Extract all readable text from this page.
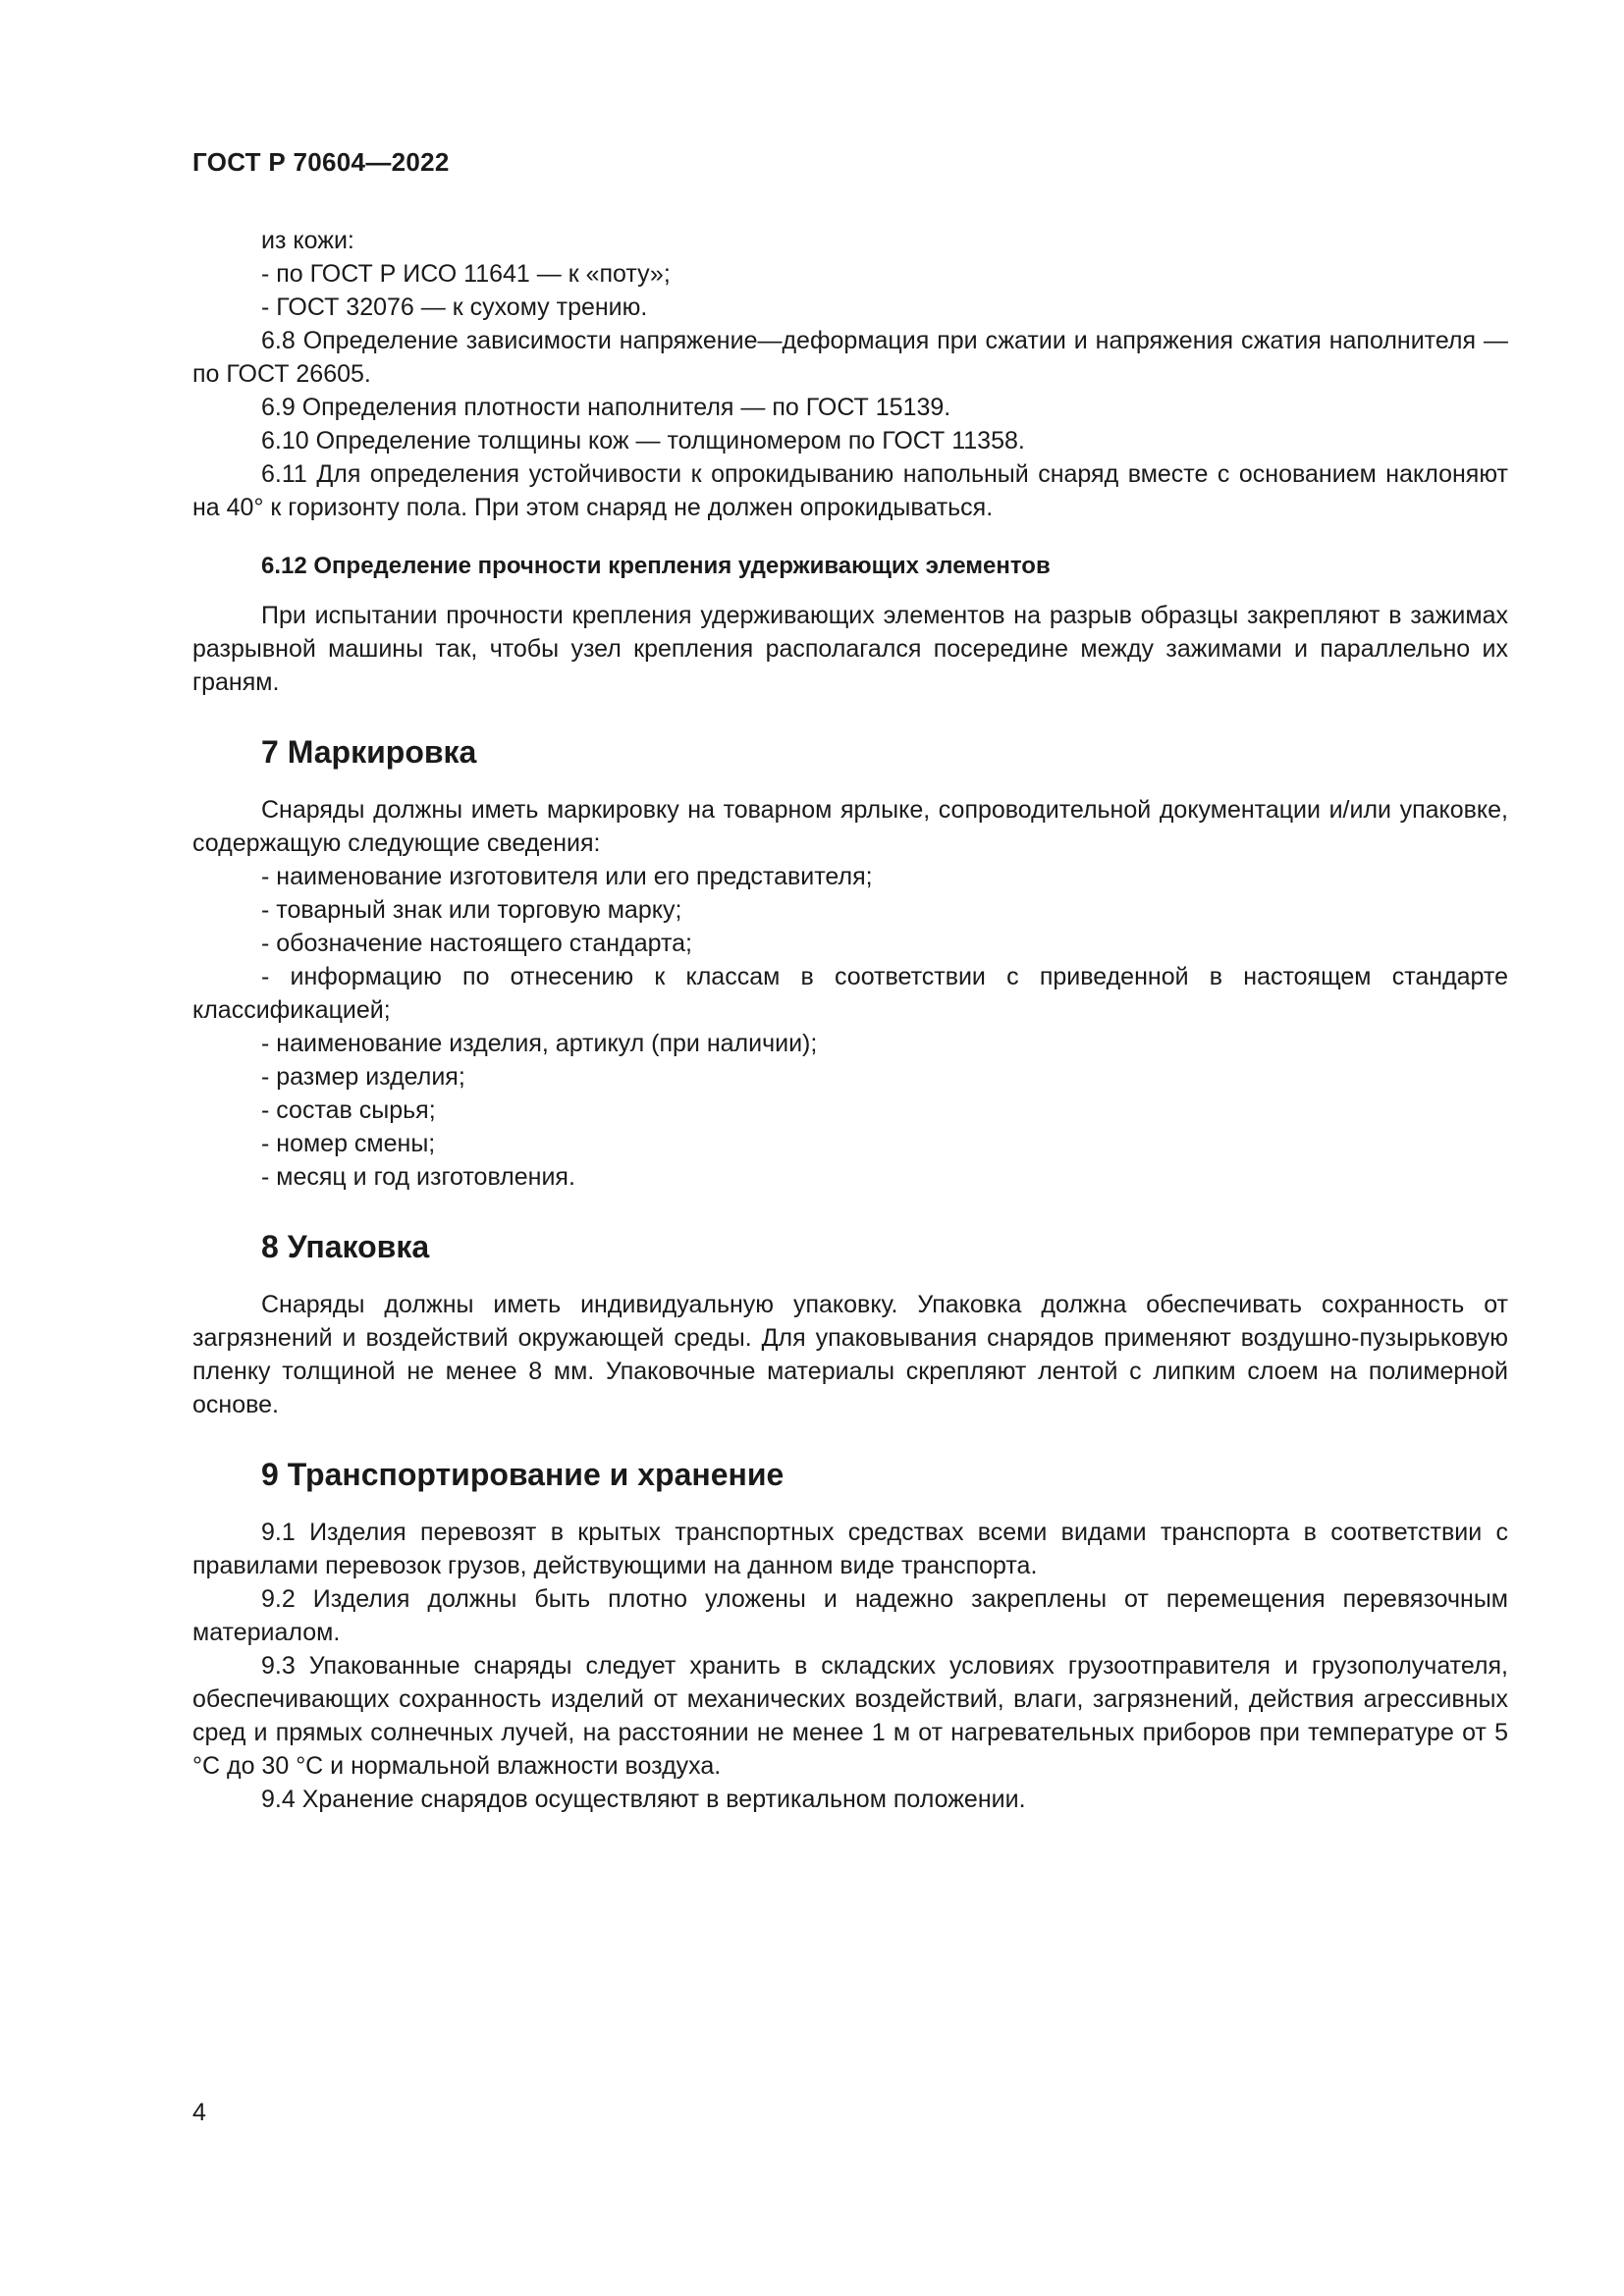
ГОСТ Р 70604—2022

из кожи:

- по ГОСТ Р ИСО 11641 — к «поту»;

- ГОСТ 32076 — к сухому трению.

6.8 Определение зависимости напряжение—деформация при сжатии и напряжения сжатия наполнителя — по ГОСТ 26605.

6.9 Определения плотности наполнителя — по ГОСТ 15139.

6.10 Определение толщины кож — толщиномером по ГОСТ 11358.

6.11 Для определения устойчивости к опрокидыванию напольный снаряд вместе с основанием наклоняют на 40° к горизонту пола. При этом снаряд не должен опрокидываться.

6.12 Определение прочности крепления удерживающих элементов

При испытании прочности крепления удерживающих элементов на разрыв образцы закрепляют в зажимах разрывной машины так, чтобы узел крепления располагался посередине между зажимами и параллельно их граням.

7 Маркировка

Снаряды должны иметь маркировку на товарном ярлыке, сопроводительной документации и/или упаковке, содержащую следующие сведения:

- наименование изготовителя или его представителя;

- товарный знак или торговую марку;

- обозначение настоящего стандарта;

- информацию по отнесению к классам в соответствии с приведенной в настоящем стандарте классификацией;

- наименование изделия, артикул (при наличии);

- размер изделия;

- состав сырья;

- номер смены;

- месяц и год изготовления.

8 Упаковка

Снаряды должны иметь индивидуальную упаковку. Упаковка должна обеспечивать сохранность от загрязнений и воздействий окружающей среды. Для упаковывания снарядов применяют воздушно-пузырьковую пленку толщиной не менее 8 мм. Упаковочные материалы скрепляют лентой с липким слоем на полимерной основе.

9 Транспортирование и хранение

9.1 Изделия перевозят в крытых транспортных средствах всеми видами транспорта в соответствии с правилами перевозок грузов, действующими на данном виде транспорта.

9.2 Изделия должны быть плотно уложены и надежно закреплены от перемещения перевязочным материалом.

9.3 Упакованные снаряды следует хранить в складских условиях грузоотправителя и грузополучателя, обеспечивающих сохранность изделий от механических воздействий, влаги, загрязнений, действия агрессивных сред и прямых солнечных лучей, на расстоянии не менее 1 м от нагревательных приборов при температуре от 5 °С до 30 °С и нормальной влажности воздуха.

9.4 Хранение снарядов осуществляют в вертикальном положении.

4
